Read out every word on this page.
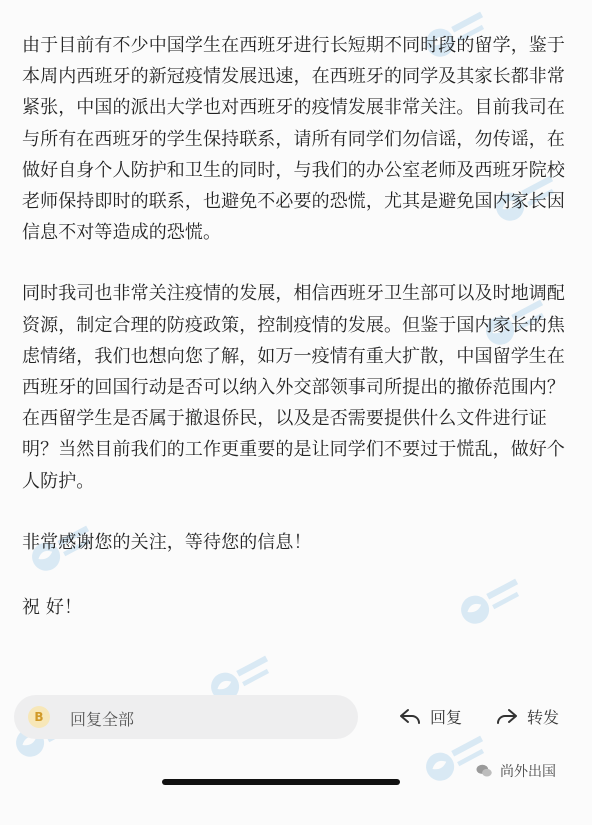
由于目前有不少中国学生在西班牙进行长短期不同时段的留学，鉴于本周内西班牙的新冠疫情发展迅速，在西班牙的同学及其家长都非常紧张，中国的派出大学也对西班牙的疫情发展非常关注。目前我司在与所有在西班牙的学生保持联系，请所有同学们勿信谣，勿传谣，在做好自身个人防护和卫生的同时，与我们的办公室老师及西班牙院校老师保持即时的联系，也避免不必要的恐慌，尤其是避免国内家长因信息不对等造成的恐慌。

同时我司也非常关注疫情的发展，相信西班牙卫生部可以及时地调配资源，制定合理的防疫政策，控制疫情的发展。但鉴于国内家长的焦虑情绪，我们也想向您了解，如万一疫情有重大扩散，中国留学生在西班牙的回国行动是否可以纳入外交部领事司所提出的撤侨范围内？在西留学生是否属于撤退侨民，以及是否需要提供什么文件进行证明？当然目前我们的工作更重要的是让同学们不要过于慌乱，做好个人防护。

非常感谢您的关注，等待您的信息！

祝 好！

B	回复全部	回复	转发
尚外出国
